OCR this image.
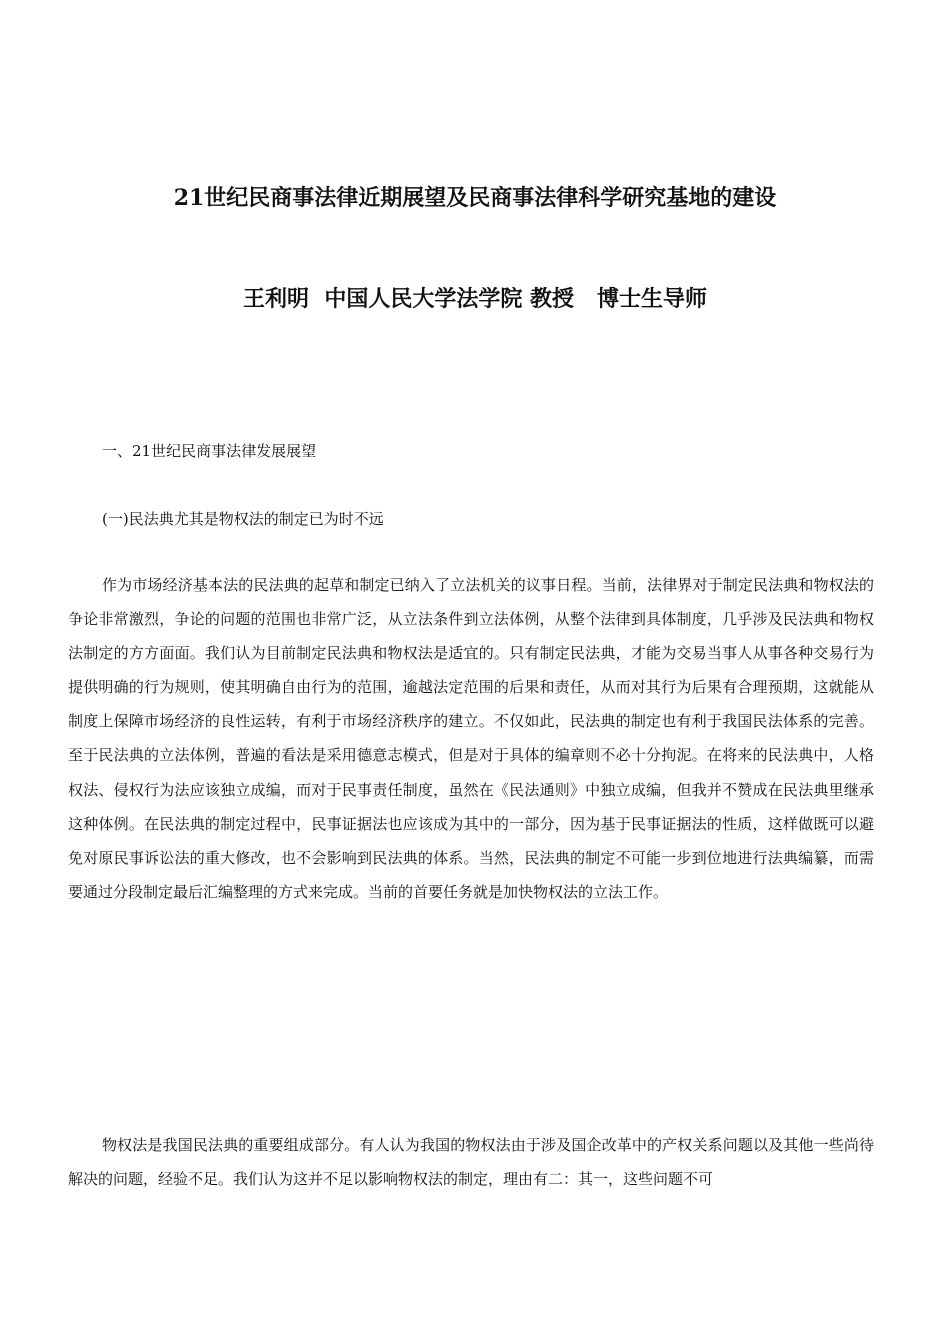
21世纪民商事法律近期展望及民商事法律科学研究基地的建设
王利明  中国人民大学法学院 教授   博士生导师
一、21世纪民商事法律发展展望
(一)民法典尤其是物权法的制定已为时不远

作为市场经济基本法的民法典的起草和制定已纳入了立法机关的议事日程。当前，法律界对于制定民法典和物权法的争论非常激烈，争论的问题的范围也非常广泛，从立法条件到立法体例，从整个法律到具体制度，几乎涉及民法典和物权法制定的方方面面。我们认为目前制定民法典和物权法是适宜的。只有制定民法典，才能为交易当事人从事各种交易行为提供明确的行为规则，使其明确自由行为的范围，逾越法定范围的后果和责任，从而对其行为后果有合理预期，这就能从制度上保障市场经济的良性运转，有利于市场经济秩序的建立。不仅如此，民法典的制定也有利于我国民法体系的完善。至于民法典的立法体例，普遍的看法是采用德意志模式，但是对于具体的编章则不必十分拘泥。在将来的民法典中，人格权法、侵权行为法应该独立成编，而对于民事责任制度，虽然在《民法通则》中独立成编，但我并不赞成在民法典里继承这种体例。在民法典的制定过程中，民事证据法也应该成为其中的一部分，因为基于民事证据法的性质，这样做既可以避免对原民事诉讼法的重大修改，也不会影响到民法典的体系。当然，民法典的制定不可能一步到位地进行法典编纂，而需要通过分段制定最后汇编整理的方式来完成。当前的首要任务就是加快物权法的立法工作。

物权法是我国民法典的重要组成部分。有人认为我国的物权法由于涉及国企改革中的产权关系问题以及其他一些尚待解决的问题，经验不足。我们认为这并不足以影响物权法的制定，理由有二：其一，这些问题不可
